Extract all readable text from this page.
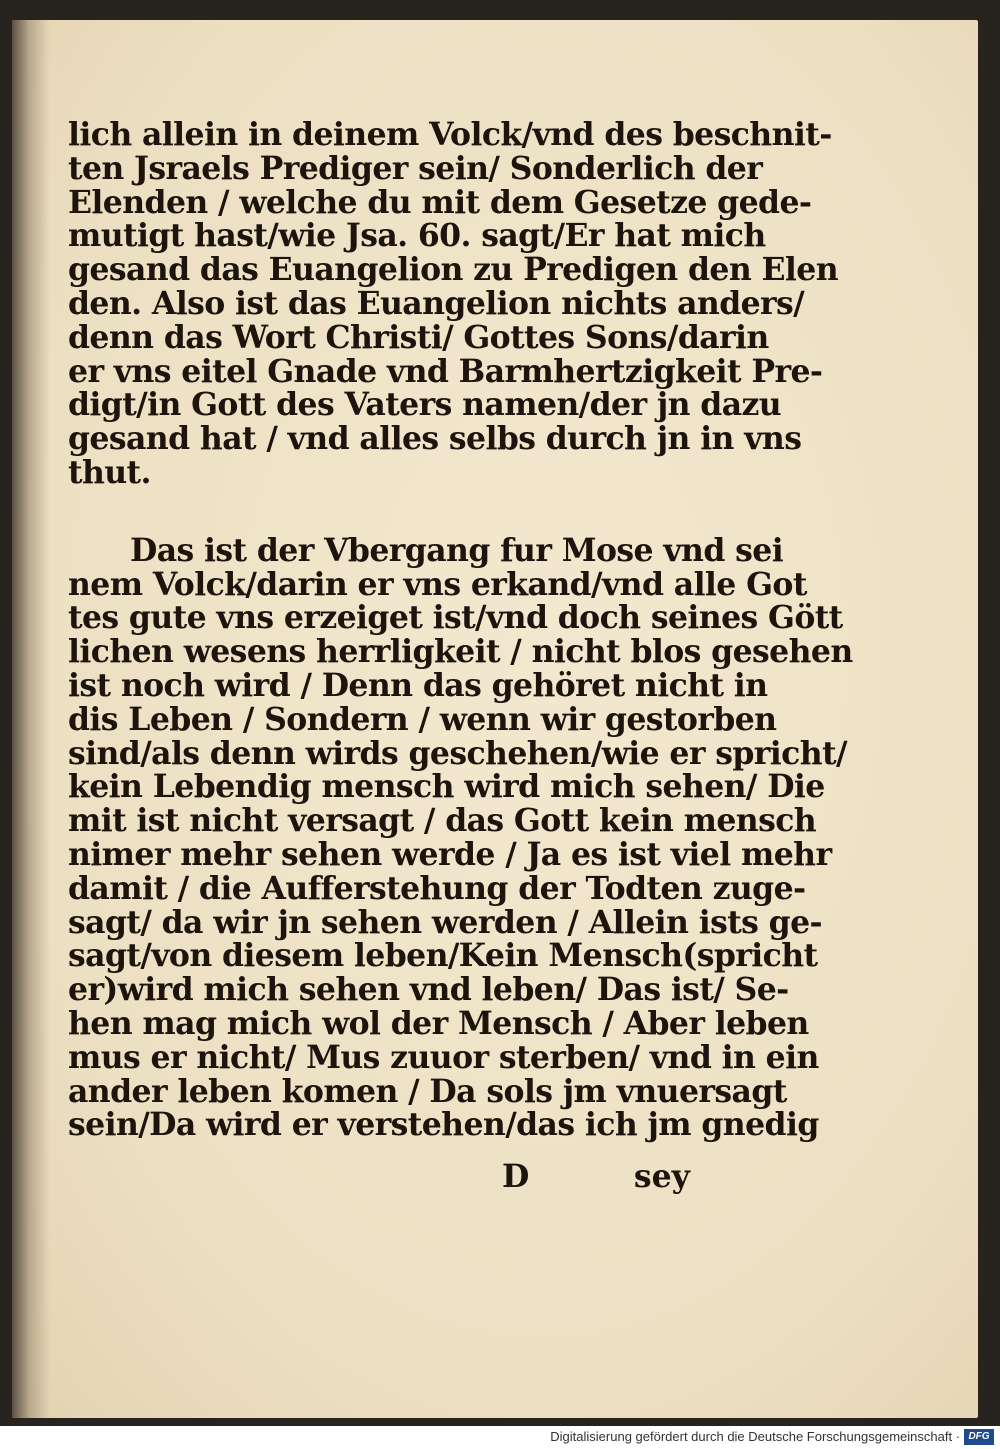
lich allein in deinem Volck/vnd des beschnit-
ten Jsraels Prediger sein/ Sonderlich der
Elenden / welche du mit dem Gesetze gede-
mutigt hast/wie Jsa. 60. sagt/Er hat mich
gesand das Euangelion zu Predigen den Elen
den. Also ist das Euangelion nichts anders/
denn das Wort Christi/ Gottes Sons/darin
er vns eitel Gnade vnd Barmhertzigkeit Pre-
digt/in Gott des Vaters namen/der jn dazu
gesand hat / vnd alles selbs durch jn in vns
thut.
Das ist der Vbergang fur Mose vnd sei
nem Volck/darin er vns erkand/vnd alle Got
tes gute vns erzeiget ist/vnd doch seines Gött
lichen wesens herrligkeit / nicht blos gesehen
ist noch wird / Denn das gehöret nicht in
dis Leben / Sondern / wenn wir gestorben
sind/als denn wirds geschehen/wie er spricht/
kein Lebendig mensch wird mich sehen/ Die
mit ist nicht versagt / das Gott kein mensch
nimer mehr sehen werde / Ja es ist viel mehr
damit / die Aufferstehung der Todten zuge-
sagt/ da wir jn sehen werden / Allein ists ge-
sagt/von diesem leben/Kein Mensch(spricht
er)wird mich sehen vnd leben/ Das ist/ Se-
hen mag mich wol der Mensch / Aber leben
mus er nicht/ Mus zuuor sterben/ vnd in ein
ander leben komen / Da sols jm vnuersagt
sein/Da wird er verstehen/das ich jm gnedig
D	sey
Digitalisierung gefördert durch die Deutsche Forschungsgemeinschaft · DFG
